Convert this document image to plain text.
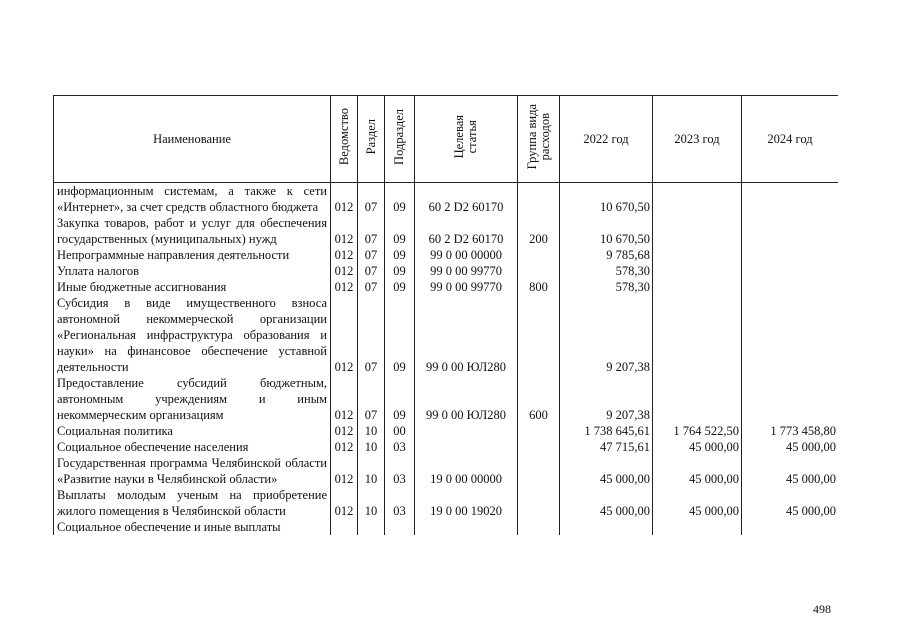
Наименование	Ведомство	Раздел	Подраздел	Целевая
статья	Группа вида
расходов	2022 год	2023 год	2024 год
информационным системам, а также к сети «Интернет», за счет средств областного бюджета	012	07	09	60 2 D2 60170		10 670,50		
Закупка товаров, работ и услуг для обеспечения государственных (муниципальных) нужд	012	07	09	60 2 D2 60170	200	10 670,50		
Непрограммные направления деятельности	012	07	09	99 0 00 00000		9 785,68		
Уплата налогов	012	07	09	99 0 00 99770		578,30		
Иные бюджетные ассигнования	012	07	09	99 0 00 99770	800	578,30		
Субсидия в виде имущественного взноса автономной некоммерческой организации «Региональная инфраструктура образования и науки» на финансовое обеспечение уставной деятельности	012	07	09	99 0 00 ЮЛ280		9 207,38		
Предоставление субсидий бюджетным, автономным учреждениям и иным некоммерческим организациям	012	07	09	99 0 00 ЮЛ280	600	9 207,38		
Социальная политика	012	10	00			1 738 645,61	1 764 522,50	1 773 458,80
Социальное обеспечение населения	012	10	03			47 715,61	45 000,00	45 000,00
Государственная программа Челябинской области «Развитие науки в Челябинской области»	012	10	03	19 0 00 00000		45 000,00	45 000,00	45 000,00
Выплаты молодым ученым на приобретение жилого помещения в Челябинской области	012	10	03	19 0 00 19020		45 000,00	45 000,00	45 000,00
Социальное обеспечение и иные выплаты								
498
